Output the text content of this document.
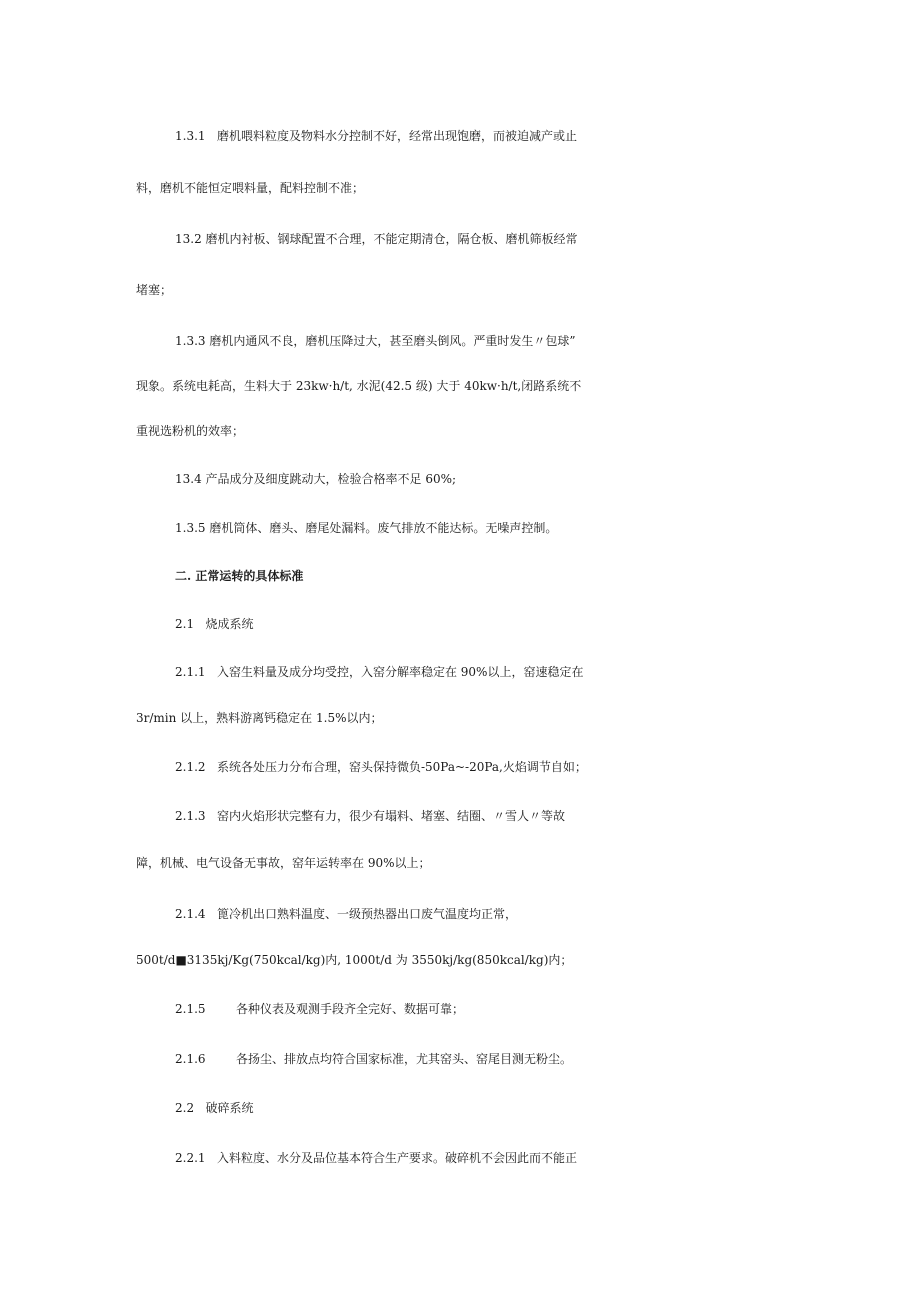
1.3.1   磨机喂料粒度及物料水分控制不好，经常出现饱磨，而被迫减产或止
料，磨机不能恒定喂料量，配料控制不准；
13.2 磨机内衬板、钢球配置不合理，不能定期清仓，隔仓板、磨机筛板经常
堵塞；
1.3.3 磨机内通风不良，磨机压降过大，甚至磨头倒风。严重时发生〃包球”
现象。系统电耗高，生料大于 23kw·h/t, 水泥(42.5 级) 大于 40kw·h/t,闭路系统不
重视选粉机的效率；
13.4 产品成分及细度跳动大，检验合格率不足 60%;
1.3.5 磨机筒体、磨头、磨尾处漏料。废气排放不能达标。无噪声控制。
二. 正常运转的具体标准
2.1   烧成系统
2.1.1   入窑生料量及成分均受控，入窑分解率稳定在 90%以上，窑速稳定在
3r/min 以上，熟料游离钙稳定在 1.5%以内；
2.1.2   系统各处压力分布合理，窑头保持微负-50Pa~-20Pa,火焰调节自如；
2.1.3   窑内火焰形状完整有力，很少有塌料、堵塞、结圈、〃雪人〃等故
障，机械、电气设备无事故，窑年运转率在 90%以上；
2.1.4   篦冷机出口熟料温度、一级预热器出口废气温度均正常，
500t/d■3135kj/Kg(750kcal/kg)内, 1000t/d 为 3550kj/kg(850kcal/kg)内；
2.1.5        各种仪表及观测手段齐全完好、数据可靠；
2.1.6        各扬尘、排放点均符合国家标准，尤其窑头、窑尾目测无粉尘。
2.2   破碎系统
2.2.1   入料粒度、水分及品位基本符合生产要求。破碎机不会因此而不能正
